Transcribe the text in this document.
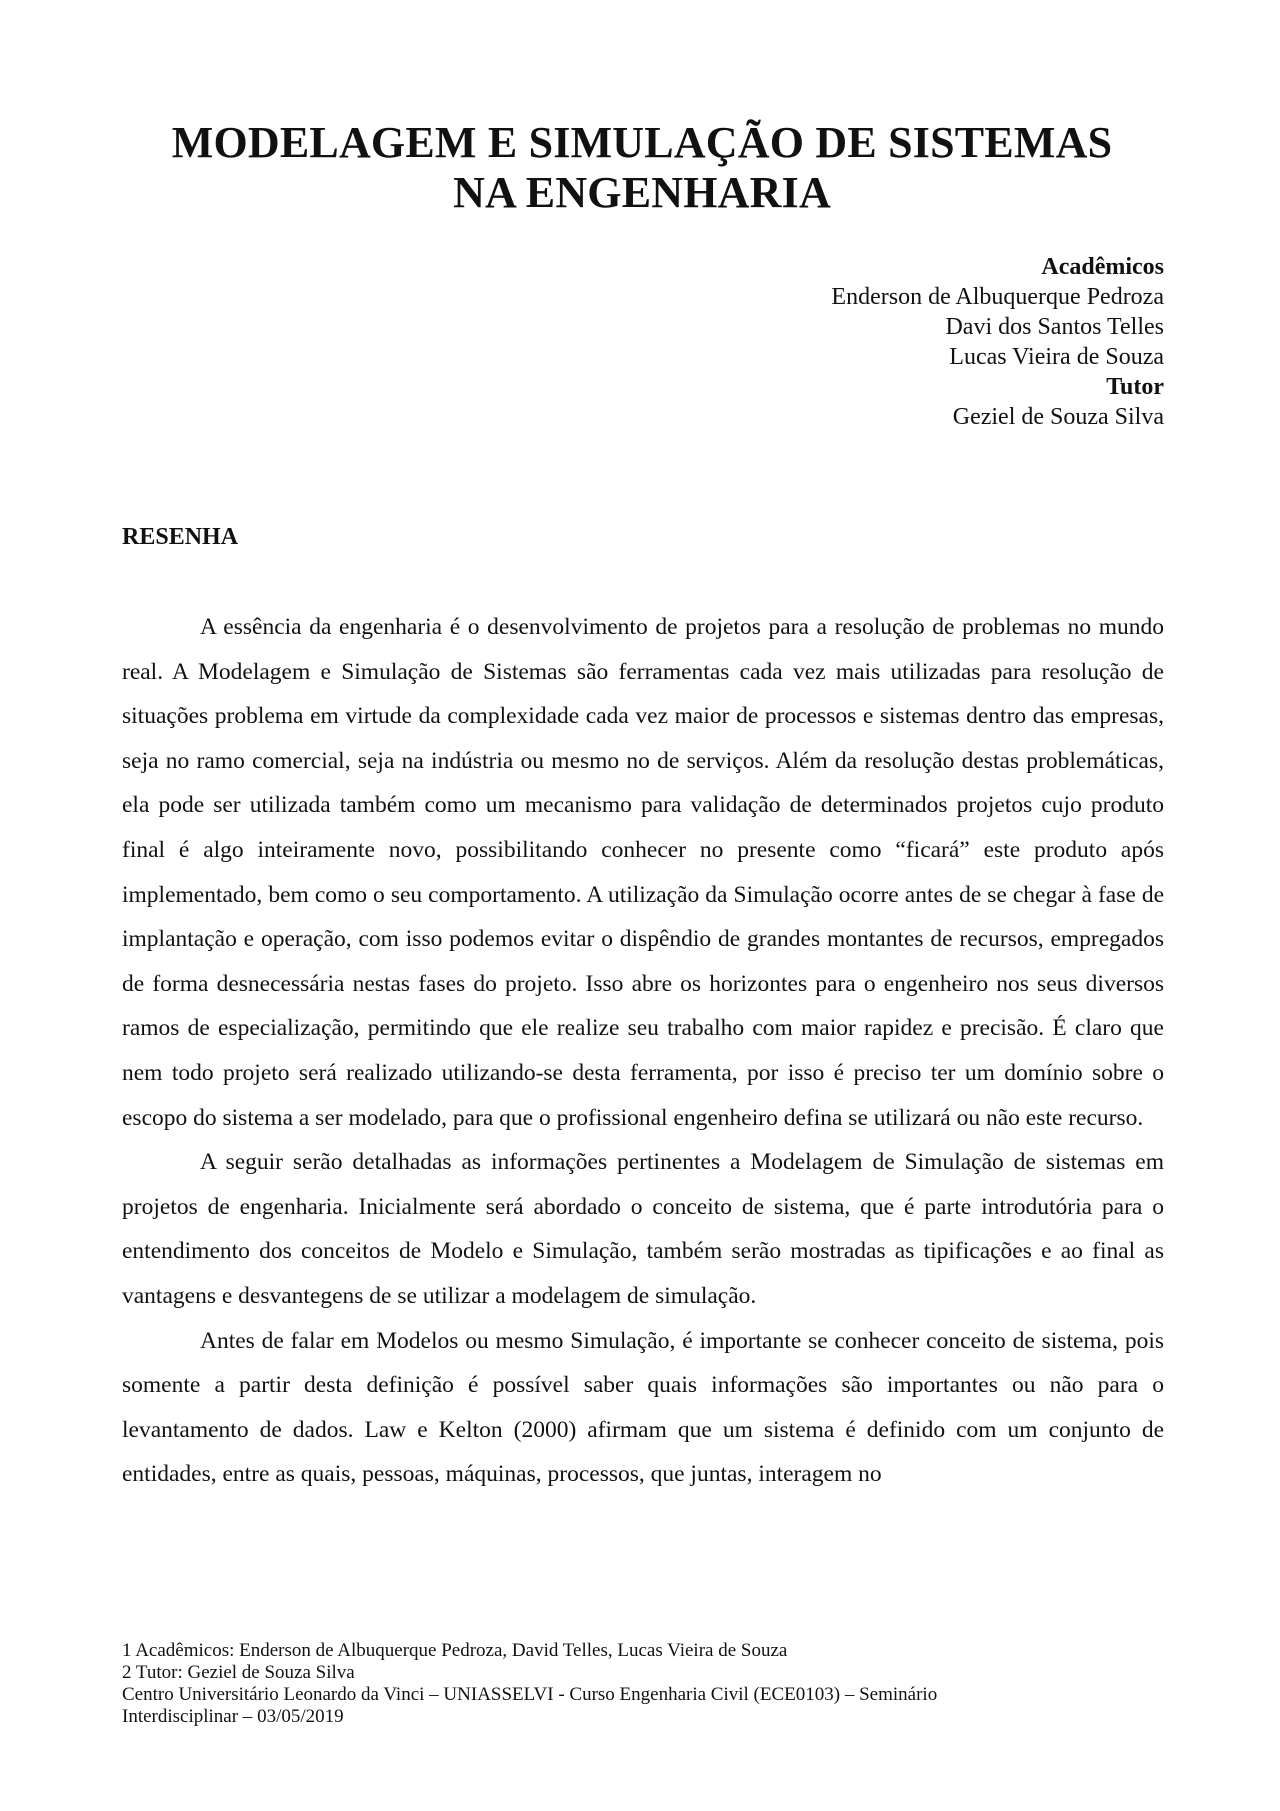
MODELAGEM E SIMULAÇÃO DE SISTEMAS
NA ENGENHARIA
Acadêmicos
Enderson de Albuquerque Pedroza
Davi dos Santos Telles
Lucas Vieira de Souza
Tutor
Geziel de Souza Silva
RESENHA

A essência da engenharia é o desenvolvimento de projetos para a resolução de problemas no mundo real. A Modelagem e Simulação de Sistemas são ferramentas cada vez mais utilizadas para resolução de situações problema em virtude da complexidade cada vez maior de processos e sistemas dentro das empresas, seja no ramo comercial, seja na indústria ou mesmo no de serviços. Além da resolução destas problemáticas, ela pode ser utilizada também como um mecanismo para validação de determinados projetos cujo produto final é algo inteiramente novo, possibilitando conhecer no presente como “ficará” este produto após implementado, bem como o seu comportamento. A utilização da Simulação ocorre antes de se chegar à fase de implantação e operação, com isso podemos evitar o dispêndio de grandes montantes de recursos, empregados de forma desnecessária nestas fases do projeto. Isso abre os horizontes para o engenheiro nos seus diversos ramos de especialização, permitindo que ele realize seu trabalho com maior rapidez e precisão. É claro que nem todo projeto será realizado utilizando-se desta ferramenta, por isso é preciso ter um domínio sobre o escopo do sistema a ser modelado, para que o profissional engenheiro defina se utilizará ou não este recurso.

A seguir serão detalhadas as informações pertinentes a Modelagem de Simulação de sistemas em projetos de engenharia. Inicialmente será abordado o conceito de sistema, que é parte introdutória para o entendimento dos conceitos de Modelo e Simulação, também serão mostradas as tipificações e ao final as vantagens e desvantegens de se utilizar a modelagem de simulação.

Antes de falar em Modelos ou mesmo Simulação, é importante se conhecer conceito de sistema, pois somente a partir desta definição é possível saber quais informações são importantes ou não para o levantamento de dados. Law e Kelton (2000) afirmam que um sistema é definido com um conjunto de entidades, entre as quais, pessoas, máquinas, processos, que juntas, interagem no

1 Acadêmicos: Enderson de Albuquerque Pedroza, David Telles, Lucas Vieira de Souza
2 Tutor: Geziel de Souza Silva
Centro Universitário Leonardo da Vinci – UNIASSELVI - Curso Engenharia Civil (ECE0103) – Seminário
Interdisciplinar – 03/05/2019
